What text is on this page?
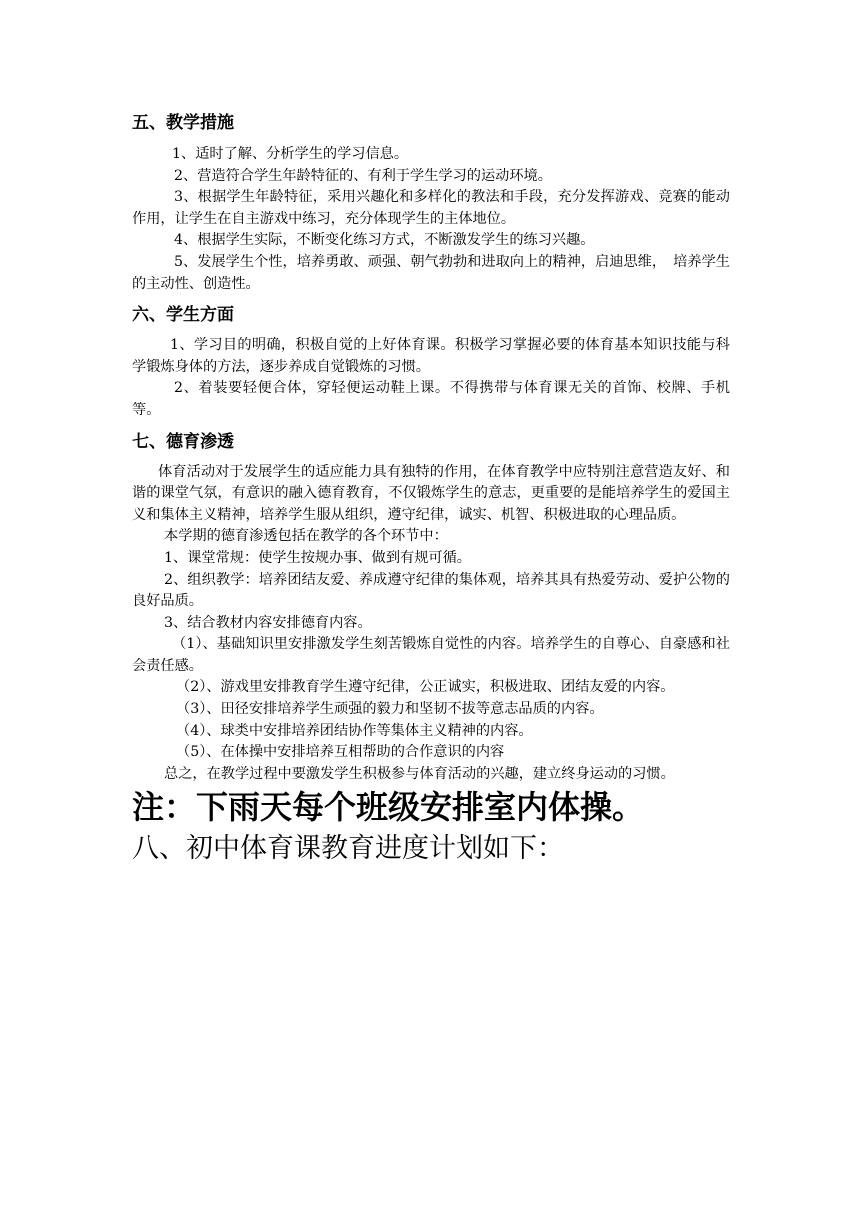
五、教学措施

1、适时了解、分析学生的学习信息。

2、营造符合学生年龄特征的、有利于学生学习的运动环境。

3、根据学生年龄特征，采用兴趣化和多样化的教法和手段，充分发挥游戏、竞赛的能动作用，让学生在自主游戏中练习，充分体现学生的主体地位。

4、根据学生实际，不断变化练习方式，不断激发学生的练习兴趣。

5、发展学生个性，培养勇敢、顽强、朝气勃勃和进取向上的精神，启迪思维，　培养学生的主动性、创造性。

六、学生方面

1、学习目的明确，积极自觉的上好体育课。积极学习掌握必要的体育基本知识技能与科学锻炼身体的方法，逐步养成自觉锻炼的习惯。

2、着装要轻便合体，穿轻便运动鞋上课。不得携带与体育课无关的首饰、校牌、手机等。

七、德育渗透

体育活动对于发展学生的适应能力具有独特的作用，在体育教学中应特别注意营造友好、和谐的课堂气氛，有意识的融入德育教育，不仅锻炼学生的意志，更重要的是能培养学生的爱国主义和集体主义精神，培养学生服从组织，遵守纪律，诚实、机智、积极进取的心理品质。

本学期的德育渗透包括在教学的各个环节中：

1、课堂常规：使学生按规办事、做到有规可循。

2、组织教学：培养团结友爱、养成遵守纪律的集体观，培养其具有热爱劳动、爱护公物的良好品质。

3、结合教材内容安排德育内容。

（1）、基础知识里安排激发学生刻苦锻炼自觉性的内容。培养学生的自尊心、自豪感和社会责任感。

（2）、游戏里安排教育学生遵守纪律，公正诚实，积极进取、团结友爱的内容。

（3）、田径安排培养学生顽强的毅力和坚韧不拔等意志品质的内容。

（4）、球类中安排培养团结协作等集体主义精神的内容。

（5）、在体操中安排培养互相帮助的合作意识的内容

总之，在教学过程中要激发学生积极参与体育活动的兴趣，建立终身运动的习惯。

注：下雨天每个班级安排室内体操。

八、初中体育课教育进度计划如下：
